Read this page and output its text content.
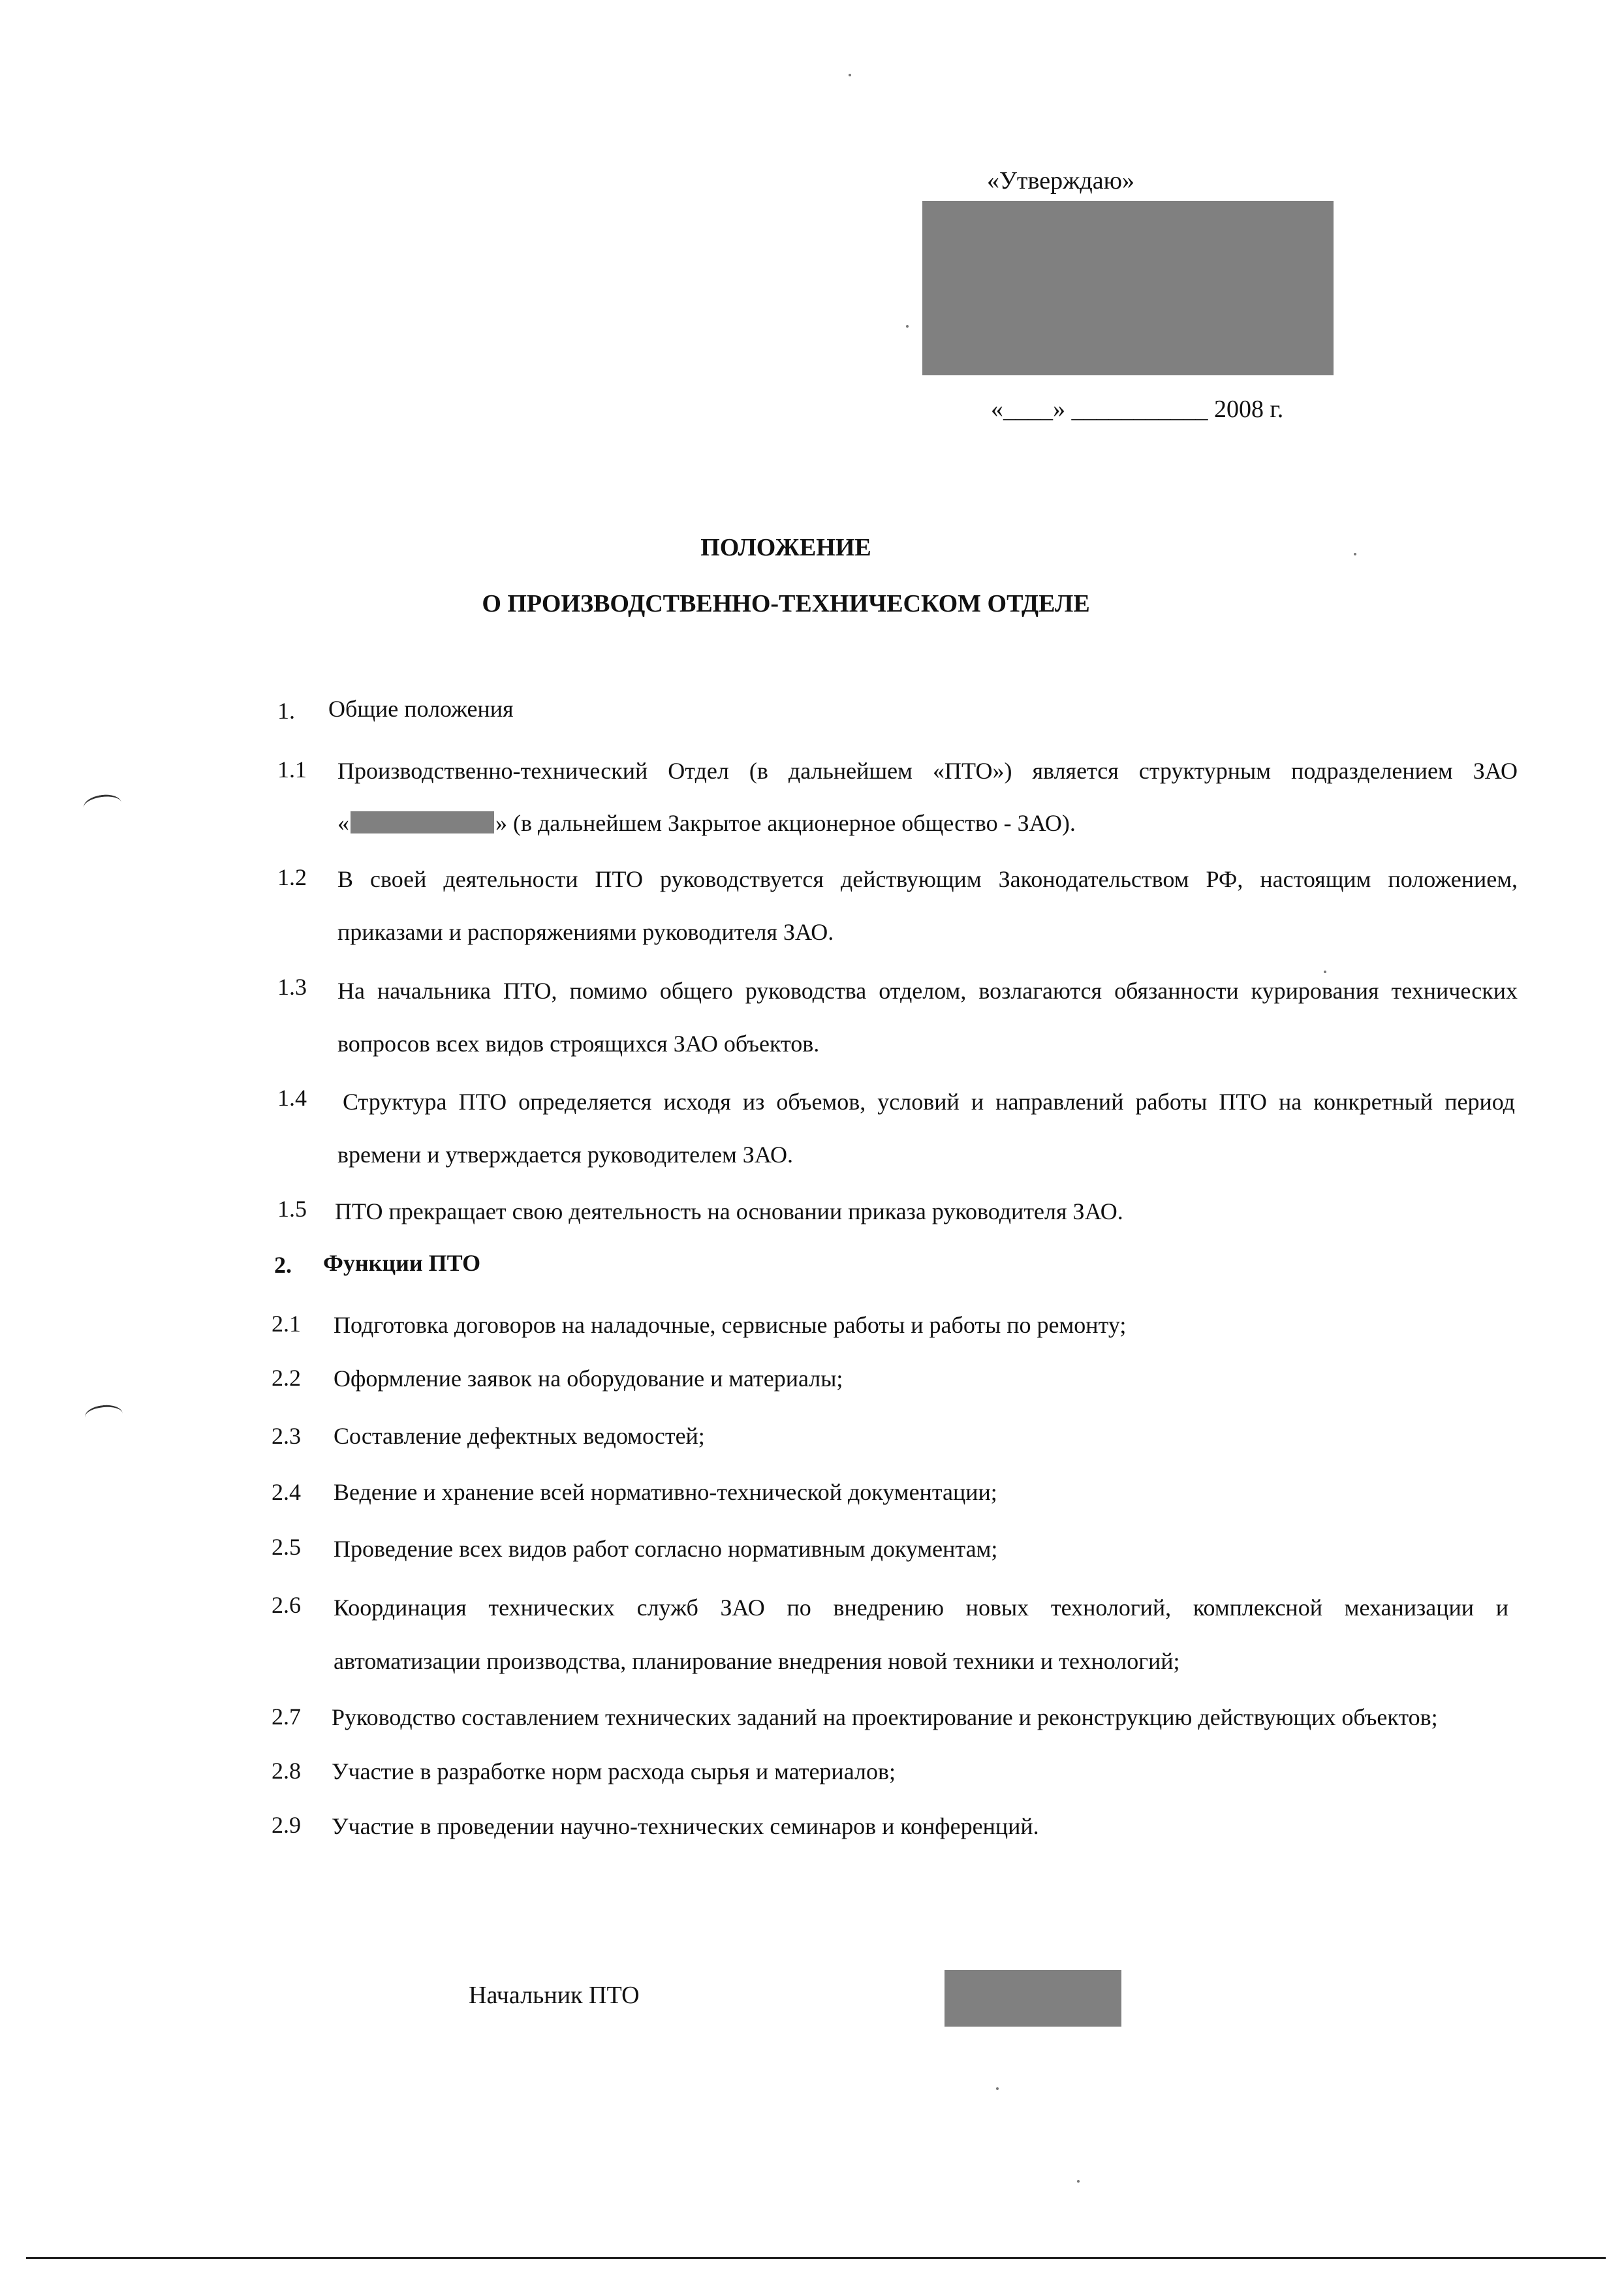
«Утверждаю»
«____» ___________ 2008 г.
ПОЛОЖЕНИЕ
О ПРОИЗВОДСТВЕННО-ТЕХНИЧЕСКОМ ОТДЕЛЕ
1.	Общие положения
1.1	Производственно-технический Отдел (в дальнейшем «ПТО») является структурным подразделением ЗАО
«	» (в дальнейшем Закрытое акционерное общество - ЗАО).
1.2	В своей деятельности ПТО руководствуется действующим Законодательством РФ, настоящим положением,
приказами и распоряжениями руководителя ЗАО.
1.3	На начальника ПТО, помимо общего руководства отделом, возлагаются обязанности курирования технических
вопросов всех видов строящихся ЗАО объектов.
1.4	Структура ПТО определяется исходя из объемов, условий и направлений работы ПТО на конкретный период
времени и утверждается руководителем ЗАО.
1.5	ПТО прекращает свою деятельность на основании приказа руководителя ЗАО.
2.	Функции ПТО
2.1	Подготовка договоров на наладочные, сервисные работы и работы по ремонту;
2.2	Оформление заявок на оборудование и материалы;
2.3	Составление дефектных ведомостей;
2.4	Ведение и хранение всей нормативно-технической документации;
2.5	Проведение всех видов работ согласно нормативным документам;
2.6	Координация технических служб ЗАО по внедрению новых технологий, комплексной механизации и
автоматизации производства, планирование внедрения новой техники и технологий;
2.7	Руководство составлением технических заданий на проектирование и реконструкцию действующих объектов;
2.8	Участие в разработке норм расхода сырья и материалов;
2.9	Участие в проведении научно-технических семинаров и конференций.
Начальник ПТО
